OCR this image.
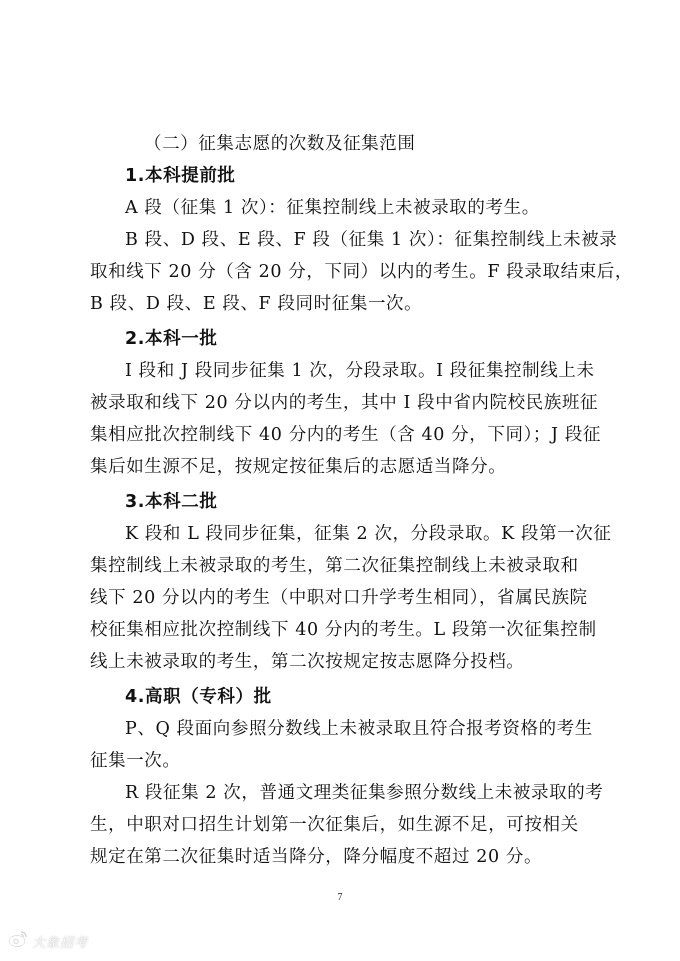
（二）征集志愿的次数及征集范围
1.本科提前批
A 段（征集 1 次）：征集控制线上未被录取的考生。
B 段、D 段、E 段、F 段（征集 1 次）：征集控制线上未被录
取和线下 20 分（含 20 分，下同）以内的考生。F 段录取结束后，
B 段、D 段、E 段、F 段同时征集一次。
2.本科一批
I 段和 J 段同步征集 1 次，分段录取。I 段征集控制线上未
被录取和线下 20 分以内的考生，其中 I 段中省内院校民族班征
集相应批次控制线下 40 分内的考生（含 40 分，下同）；J 段征
集后如生源不足，按规定按征集后的志愿适当降分。
3.本科二批
K 段和 L 段同步征集，征集 2 次，分段录取。K 段第一次征
集控制线上未被录取的考生，第二次征集控制线上未被录取和
线下 20 分以内的考生（中职对口升学考生相同），省属民族院
校征集相应批次控制线下 40 分内的考生。L 段第一次征集控制
线上未被录取的考生，第二次按规定按志愿降分投档。
4.高职（专科）批
P、Q 段面向参照分数线上未被录取且符合报考资格的考生
征集一次。
R 段征集 2 次，普通文理类征集参照分数线上未被录取的考
生，中职对口招生计划第一次征集后，如生源不足，可按相关
规定在第二次征集时适当降分，降分幅度不超过 20 分。
7
大象招考
